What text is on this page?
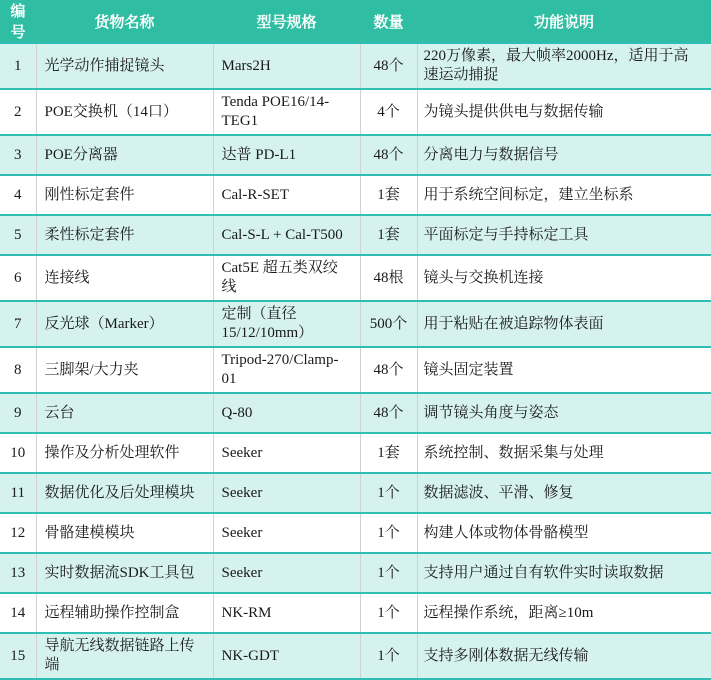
编号	货物名称	型号规格	数量	功能说明
1	光学动作捕捉镜头	Mars2H	48个	220万像素，最大帧率2000Hz，适用于高速运动捕捉
2	POE交换机（14口）	Tenda POE16/14-TEG1	4个	为镜头提供供电与数据传输
3	POE分离器	达普 PD-L1	48个	分离电力与数据信号
4	刚性标定套件	Cal-R-SET	1套	用于系统空间标定，建立坐标系
5	柔性标定套件	Cal-S-L + Cal-T500	1套	平面标定与手持标定工具
6	连接线	Cat5E 超五类双绞线	48根	镜头与交换机连接
7	反光球（Marker）	定制（直径 15/12/10mm）	500个	用于粘贴在被追踪物体表面
8	三脚架/大力夹	Tripod-270/Clamp-01	48个	镜头固定装置
9	云台	Q-80	48个	调节镜头角度与姿态
10	操作及分析处理软件	Seeker	1套	系统控制、数据采集与处理
11	数据优化及后处理模块	Seeker	1个	数据滤波、平滑、修复
12	骨骼建模模块	Seeker	1个	构建人体或物体骨骼模型
13	实时数据流SDK工具包	Seeker	1个	支持用户通过自有软件实时读取数据
14	远程辅助操作控制盒	NK-RM	1个	远程操作系统，距离≥10m
15	导航无线数据链路上传端	NK-GDT	1个	支持多刚体数据无线传输
